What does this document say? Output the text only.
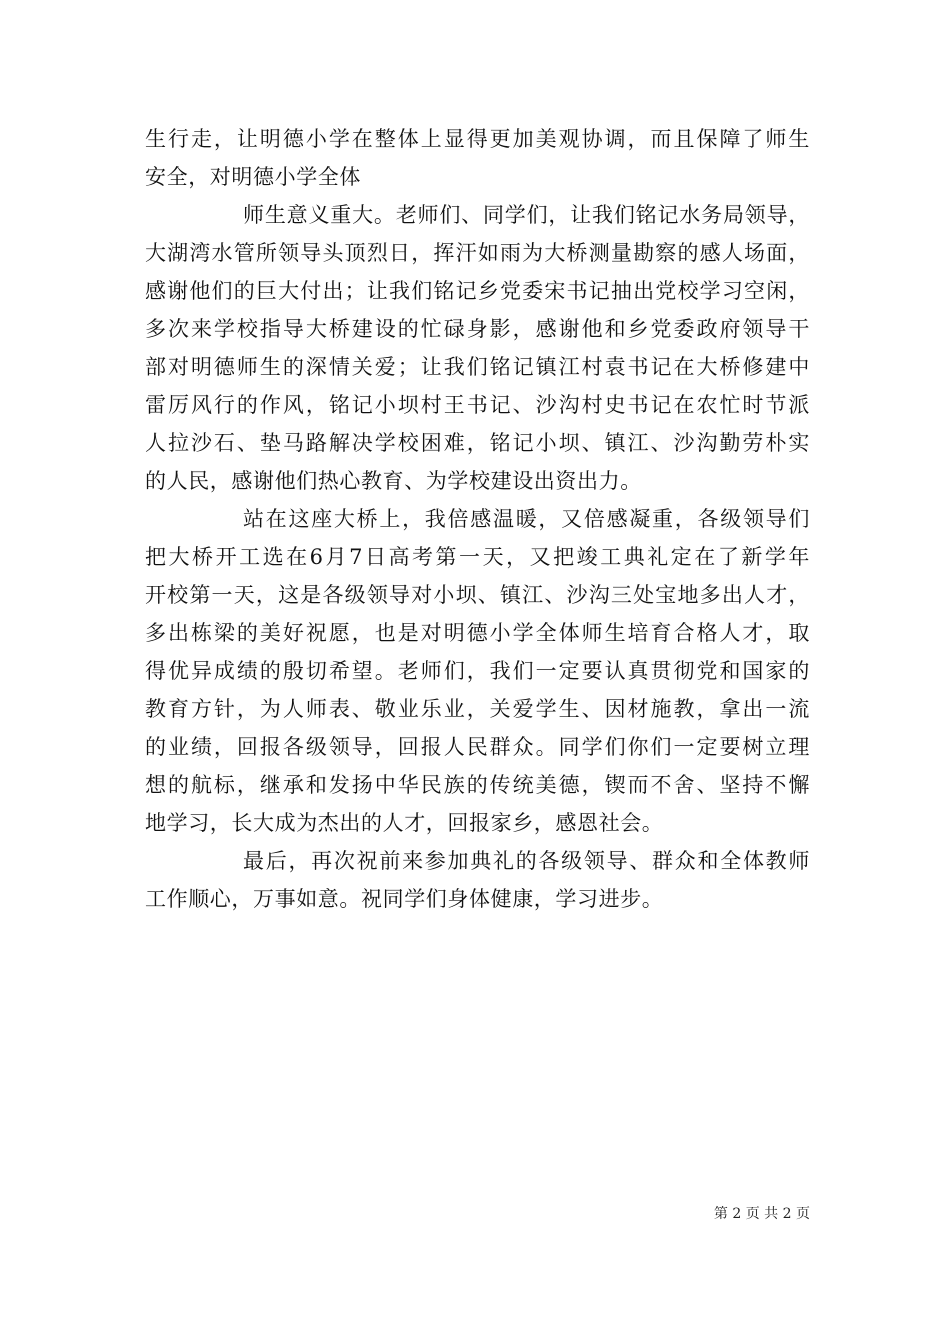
生行走，让明德小学在整体上显得更加美观协调，而且保障了师生
安全，对明德小学全体
师生意义重大。老师们、同学们，让我们铭记水务局领导，
大湖湾水管所领导头顶烈日，挥汗如雨为大桥测量勘察的感人场面，
感谢他们的巨大付出；让我们铭记乡党委宋书记抽出党校学习空闲，
多次来学校指导大桥建设的忙碌身影，感谢他和乡党委政府领导干
部对明德师生的深情关爱；让我们铭记镇江村袁书记在大桥修建中
雷厉风行的作风，铭记小坝村王书记、沙沟村史书记在农忙时节派
人拉沙石、垫马路解决学校困难，铭记小坝、镇江、沙沟勤劳朴实
的人民，感谢他们热心教育、为学校建设出资出力。
站在这座大桥上，我倍感温暖，又倍感凝重，各级领导们
把大桥开工选在6月7日高考第一天，又把竣工典礼定在了新学年
开校第一天，这是各级领导对小坝、镇江、沙沟三处宝地多出人才，
多出栋梁的美好祝愿，也是对明德小学全体师生培育合格人才，取
得优异成绩的殷切希望。老师们，我们一定要认真贯彻党和国家的
教育方针，为人师表、敬业乐业，关爱学生、因材施教，拿出一流
的业绩，回报各级领导，回报人民群众。同学们你们一定要树立理
想的航标，继承和发扬中华民族的传统美德，锲而不舍、坚持不懈
地学习，长大成为杰出的人才，回报家乡，感恩社会。
最后，再次祝前来参加典礼的各级领导、群众和全体教师
工作顺心，万事如意。祝同学们身体健康，学习进步。
第 2 页 共 2 页
